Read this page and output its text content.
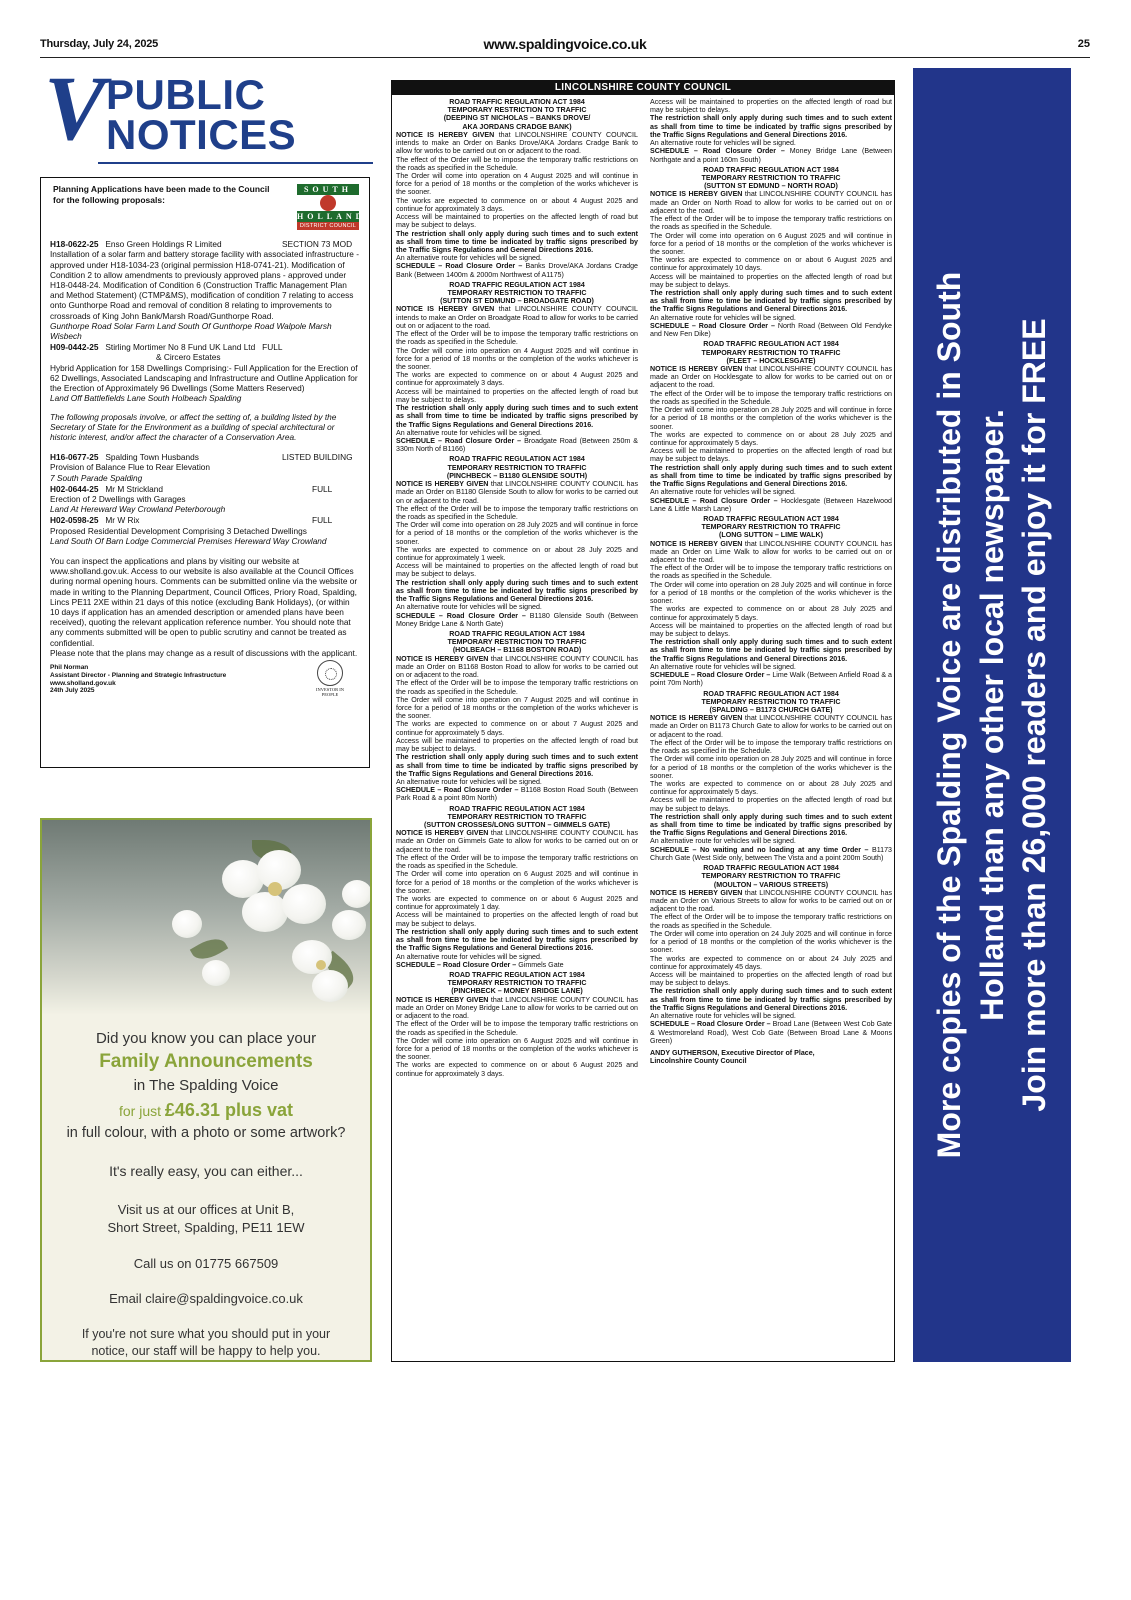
Thursday, July 24, 2025	www.spaldingvoice.co.uk	25
V PUBLIC
NOTICES
Planning Applications have been made to the Council for the following proposals:
SOUTH
HOLLAND
DISTRICT COUNCIL
H18-0622-25 Enso Green Holdings R Limited	SECTION 73 MOD

Installation of a solar farm and battery storage facility with associated infrastructure - approved under H18-1034-23 (original permission H18-0741-21). Modification of Condition 2 to allow amendments to previously approved plans - approved under H18-0448-24. Modification of Condition 6 (Construction Traffic Management Plan and Method Statement) (CTMP&MS), modification of condition 7 relating to access onto Gunthorpe Road and removal of condition 8 relating to improvements to crossroads of King John Bank/Marsh Road/Gunthorpe Road.

Gunthorpe Road Solar Farm Land South Of Gunthorpe Road Walpole Marsh Wisbech

H09-0442-25 Stirling Mortimer No 8 Fund UK Land Ltd FULL

& Circero Estates

Hybrid Application for 158 Dwellings Comprising:- Full Application for the Erection of 62 Dwellings, Associated Landscaping and Infrastructure and Outline Application for the Erection of Approximately 96 Dwellings (Some Matters Reserved)

Land Off Battlefields Lane South Holbeach Spalding

The following proposals involve, or affect the setting of, a building listed by the Secretary of State for the Environment as a building of special architectural or historic interest, and/or affect the character of a Conservation Area.

H16-0677-25 Spalding Town Husbands	LISTED BUILDING

Provision of Balance Flue to Rear Elevation

7 South Parade Spalding

H02-0644-25 Mr M Strickland	FULL

Erection of 2 Dwellings with Garages

Land At Hereward Way Crowland Peterborough

H02-0598-25 Mr W Rix	FULL

Proposed Residential Development Comprising 3 Detached Dwellings

Land South Of Barn Lodge Commercial Premises Hereward Way Crowland

You can inspect the applications and plans by visiting our website at www.sholland.gov.uk. Access to our website is also available at the Council Offices during normal opening hours. Comments can be submitted online via the website or made in writing to the Planning Department, Council Offices, Priory Road, Spalding, Lincs PE11 2XE within 21 days of this notice (excluding Bank Holidays), (or within 10 days if application has an amended description or amended plans have been received), quoting the relevant application reference number. You should note that any comments submitted will be open to public scrutiny and cannot be treated as confidential.

Please note that the plans may change as a result of discussions with the applicant.

Phil Norman
Assistant Director - Planning and Strategic Infrastructure
www.sholland.gov.uk
24th July 2025	INVESTOR IN PEOPLE
Did you know you can place your
Family Announcements
in The Spalding Voice
for just £46.31 plus vat
in full colour, with a photo or some artwork?
It's really easy, you can either...
Visit us at our offices at Unit B,
Short Street, Spalding, PE11 1EW
Call us on 01775 667509
Email claire@spaldingvoice.co.uk
If you're not sure what you should put in your
notice, our staff will be happy to help you.
LINCOLNSHIRE COUNTY COUNCIL
ROAD TRAFFIC REGULATION ACT 1984
TEMPORARY RESTRICTION TO TRAFFIC
(DEEPING ST NICHOLAS – BANKS DROVE/
AKA JORDANS CRADGE BANK)

NOTICE IS HEREBY GIVEN that LINCOLNSHIRE COUNTY COUNCIL intends to make an Order on Banks Drove/AKA Jordans Cradge Bank to allow for works to be carried out on or adjacent to the road.

The effect of the Order will be to impose the temporary traffic restrictions on the roads as specified in the Schedule.

The Order will come into operation on 4 August 2025 and will continue in force for a period of 18 months or the completion of the works whichever is the sooner.

The works are expected to commence on or about 4 August 2025 and continue for approximately 3 days.

Access will be maintained to properties on the affected length of road but may be subject to delays.

The restriction shall only apply during such times and to such extent as shall from time to time be indicated by traffic signs prescribed by the Traffic Signs Regulations and General Directions 2016.

An alternative route for vehicles will be signed.

SCHEDULE – Road Closure Order – Banks Drove/AKA Jordans Cradge Bank (Between 1400m & 2000m Northwest of A1175)

ROAD TRAFFIC REGULATION ACT 1984
TEMPORARY RESTRICTION TO TRAFFIC
(SUTTON ST EDMUND – BROADGATE ROAD)

NOTICE IS HEREBY GIVEN that LINCOLNSHIRE COUNTY COUNCIL intends to make an Order on Broadgate Road to allow for works to be carried out on or adjacent to the road.

The effect of the Order will be to impose the temporary traffic restrictions on the roads as specified in the Schedule.

The Order will come into operation on 4 August 2025 and will continue in force for a period of 18 months or the completion of the works whichever is the sooner.

The works are expected to commence on or about 4 August 2025 and continue for approximately 3 days.

Access will be maintained to properties on the affected length of road but may be subject to delays.

The restriction shall only apply during such times and to such extent as shall from time to time be indicated by traffic signs prescribed by the Traffic Signs Regulations and General Directions 2016.

An alternative route for vehicles will be signed.

SCHEDULE – Road Closure Order – Broadgate Road (Between 250m & 330m North of B1166)

ROAD TRAFFIC REGULATION ACT 1984
TEMPORARY RESTRICTION TO TRAFFIC
(PINCHBECK – B1180 GLENSIDE SOUTH)

NOTICE IS HEREBY GIVEN that LINCOLNSHIRE COUNTY COUNCIL has made an Order on B1180 Glenside South to allow for works to be carried out on or adjacent to the road.

The effect of the Order will be to impose the temporary traffic restrictions on the roads as specified in the Schedule.

The Order will come into operation on 28 July 2025 and will continue in force for a period of 18 months or the completion of the works whichever is the sooner.

The works are expected to commence on or about 28 July 2025 and continue for approximately 1 week.

Access will be maintained to properties on the affected length of road but may be subject to delays.

The restriction shall only apply during such times and to such extent as shall from time to time be indicated by traffic signs prescribed by the Traffic Signs Regulations and General Directions 2016.

An alternative route for vehicles will be signed.

SCHEDULE – Road Closure Order – B1180 Glenside South (Between Money Bridge Lane & North Gate)

ROAD TRAFFIC REGULATION ACT 1984
TEMPORARY RESTRICTION TO TRAFFIC
(HOLBEACH – B1168 BOSTON ROAD)

NOTICE IS HEREBY GIVEN that LINCOLNSHIRE COUNTY COUNCIL has made an Order on B1168 Boston Road to allow for works to be carried out on or adjacent to the road.

The effect of the Order will be to impose the temporary traffic restrictions on the roads as specified in the Schedule.

The Order will come into operation on 7 August 2025 and will continue in force for a period of 18 months or the completion of the works whichever is the sooner.

The works are expected to commence on or about 7 August 2025 and continue for approximately 5 days.

Access will be maintained to properties on the affected length of road but may be subject to delays.

The restriction shall only apply during such times and to such extent as shall from time to time be indicated by traffic signs prescribed by the Traffic Signs Regulations and General Directions 2016.

An alternative route for vehicles will be signed.

SCHEDULE – Road Closure Order – B1168 Boston Road South (Between Park Road & a point 80m North)

ROAD TRAFFIC REGULATION ACT 1984
TEMPORARY RESTRICTION TO TRAFFIC
(SUTTON CROSSES/LONG SUTTON – GIMMELS GATE)

NOTICE IS HEREBY GIVEN that LINCOLNSHIRE COUNTY COUNCIL has made an Order on Gimmels Gate to allow for works to be carried out on or adjacent to the road.

The effect of the Order will be to impose the temporary traffic restrictions on the roads as specified in the Schedule.

The Order will come into operation on 6 August 2025 and will continue in force for a period of 18 months or the completion of the works whichever is the sooner.

The works are expected to commence on or about 6 August 2025 and continue for approximately 1 day.

Access will be maintained to properties on the affected length of road but may be subject to delays.

The restriction shall only apply during such times and to such extent as shall from time to time be indicated by traffic signs prescribed by the Traffic Signs Regulations and General Directions 2016.

An alternative route for vehicles will be signed.

SCHEDULE – Road Closure Order – Gimmels Gate

ROAD TRAFFIC REGULATION ACT 1984
TEMPORARY RESTRICTION TO TRAFFIC
(PINCHBECK – MONEY BRIDGE LANE)

NOTICE IS HEREBY GIVEN that LINCOLNSHIRE COUNTY COUNCIL has made an Order on Money Bridge Lane to allow for works to be carried out on or adjacent to the road.

The effect of the Order will be to impose the temporary traffic restrictions on the roads as specified in the Schedule.

The Order will come into operation on 6 August 2025 and will continue in force for a period of 18 months or the completion of the works whichever is the sooner.

The works are expected to commence on or about 6 August 2025 and continue for approximately 3 days.

Access will be maintained to properties on the affected length of road but may be subject to delays.

The restriction shall only apply during such times and to such extent as shall from time to time be indicated by traffic signs prescribed by the Traffic Signs Regulations and General Directions 2016.

An alternative route for vehicles will be signed.

SCHEDULE – Road Closure Order – Money Bridge Lane (Between Northgate and a point 160m South)

ROAD TRAFFIC REGULATION ACT 1984
TEMPORARY RESTRICTION TO TRAFFIC
(SUTTON ST EDMUND – NORTH ROAD)

NOTICE IS HEREBY GIVEN that LINCOLNSHIRE COUNTY COUNCIL has made an Order on North Road to allow for works to be carried out on or adjacent to the road.

The effect of the Order will be to impose the temporary traffic restrictions on the roads as specified in the Schedule.

The Order will come into operation on 6 August 2025 and will continue in force for a period of 18 months or the completion of the works whichever is the sooner.

The works are expected to commence on or about 6 August 2025 and continue for approximately 10 days.

Access will be maintained to properties on the affected length of road but may be subject to delays.

The restriction shall only apply during such times and to such extent as shall from time to time be indicated by traffic signs prescribed by the Traffic Signs Regulations and General Directions 2016.

An alternative route for vehicles will be signed.

SCHEDULE – Road Closure Order – North Road (Between Old Fendyke and New Fen Dike)

ROAD TRAFFIC REGULATION ACT 1984
TEMPORARY RESTRICTION TO TRAFFIC
(FLEET – HOCKLESGATE)

NOTICE IS HEREBY GIVEN that LINCOLNSHIRE COUNTY COUNCIL has made an Order on Hocklesgate to allow for works to be carried out on or adjacent to the road.

The effect of the Order will be to impose the temporary traffic restrictions on the roads as specified in the Schedule.

The Order will come into operation on 28 July 2025 and will continue in force for a period of 18 months or the completion of the works whichever is the sooner.

The works are expected to commence on or about 28 July 2025 and continue for approximately 5 days.

Access will be maintained to properties on the affected length of road but may be subject to delays.

The restriction shall only apply during such times and to such extent as shall from time to time be indicated by traffic signs prescribed by the Traffic Signs Regulations and General Directions 2016.

An alternative route for vehicles will be signed.

SCHEDULE – Road Closure Order – Hocklesgate (Between Hazelwood Lane & Little Marsh Lane)

ROAD TRAFFIC REGULATION ACT 1984
TEMPORARY RESTRICTION TO TRAFFIC
(LONG SUTTON – LIME WALK)

NOTICE IS HEREBY GIVEN that LINCOLNSHIRE COUNTY COUNCIL has made an Order on Lime Walk to allow for works to be carried out on or adjacent to the road.

The effect of the Order will be to impose the temporary traffic restrictions on the roads as specified in the Schedule.

The Order will come into operation on 28 July 2025 and will continue in force for a period of 18 months or the completion of the works whichever is the sooner.

The works are expected to commence on or about 28 July 2025 and continue for approximately 5 days.

Access will be maintained to properties on the affected length of road but may be subject to delays.

The restriction shall only apply during such times and to such extent as shall from time to time be indicated by traffic signs prescribed by the Traffic Signs Regulations and General Directions 2016.

An alternative route for vehicles will be signed.

SCHEDULE – Road Closure Order – Lime Walk (Between Anfield Road & a point 70m North)

ROAD TRAFFIC REGULATION ACT 1984
TEMPORARY RESTRICTION TO TRAFFIC
(SPALDING – B1173 CHURCH GATE)

NOTICE IS HEREBY GIVEN that LINCOLNSHIRE COUNTY COUNCIL has made an Order on B1173 Church Gate to allow for works to be carried out on or adjacent to the road.

The effect of the Order will be to impose the temporary traffic restrictions on the roads as specified in the Schedule.

The Order will come into operation on 28 July 2025 and will continue in force for a period of 18 months or the completion of the works whichever is the sooner.

The works are expected to commence on or about 28 July 2025 and continue for approximately 5 days.

Access will be maintained to properties on the affected length of road but may be subject to delays.

The restriction shall only apply during such times and to such extent as shall from time to time be indicated by traffic signs prescribed by the Traffic Signs Regulations and General Directions 2016.

An alternative route for vehicles will be signed.

SCHEDULE – No waiting and no loading at any time Order – B1173 Church Gate (West Side only, between The Vista and a point 200m South)

ROAD TRAFFIC REGULATION ACT 1984
TEMPORARY RESTRICTION TO TRAFFIC
(MOULTON – VARIOUS STREETS)

NOTICE IS HEREBY GIVEN that LINCOLNSHIRE COUNTY COUNCIL has made an Order on Various Streets to allow for works to be carried out on or adjacent to the road.

The effect of the Order will be to impose the temporary traffic restrictions on the roads as specified in the Schedule.

The Order will come into operation on 24 July 2025 and will continue in force for a period of 18 months or the completion of the works whichever is the sooner.

The works are expected to commence on or about 24 July 2025 and continue for approximately 45 days.

Access will be maintained to properties on the affected length of road but may be subject to delays.

The restriction shall only apply during such times and to such extent as shall from time to time be indicated by traffic signs prescribed by the Traffic Signs Regulations and General Directions 2016.

An alternative route for vehicles will be signed.

SCHEDULE – Road Closure Order – Broad Lane (Between West Cob Gate & Westmoreland Road), West Cob Gate (Between Broad Lane & Moons Green)

ANDY GUTHERSON, Executive Director of Place,
Lincolnshire County Council	More copies of the Spalding Voice are distributed in South Holland than any other local newspaper. Join more than 26,000 readers and enjoy it for FREE
